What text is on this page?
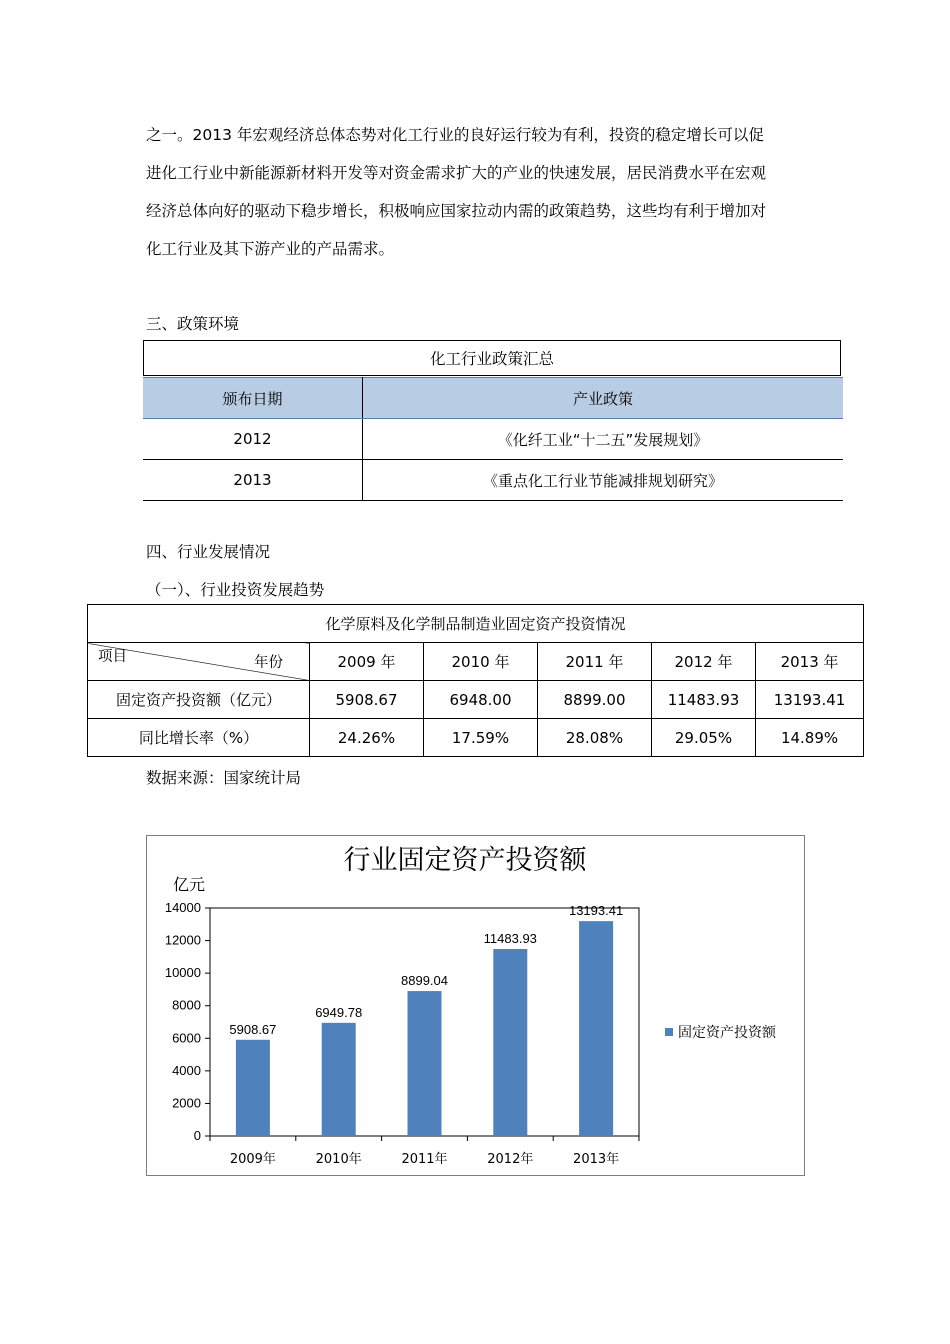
之一。2013 年宏观经济总体态势对化工行业的良好运行较为有利，投资的稳定增长可以促
进化工行业中新能源新材料开发等对资金需求扩大的产业的快速发展，居民消费水平在宏观
经济总体向好的驱动下稳步增长，积极响应国家拉动内需的政策趋势，这些均有利于增加对
化工行业及其下游产业的产品需求。
三、政策环境
化工行业政策汇总
颁布日期	产业政策
2012	《化纤工业“十二五”发展规划》
2013	《重点化工行业节能减排规划研究》
四、行业发展情况
（一）、行业投资发展趋势
化学原料及化学制品制造业固定资产投资情况					

项目 年份	2009 年	2010 年	2011 年	2012 年	2013 年
固定资产投资额（亿元）	5908.67	6948.00	8899.00	11483.93	13193.41
同比增长率（%）	24.26%	17.59%	28.08%	29.05%	14.89%
数据来源：国家统计局
行业固定资产投资额
亿元
0
2000
4000
6000
8000
10000
12000
14000
5908.67
2009年
6949.78
2010年
8899.04
2011年
11483.93
2012年
13193.41
2013年
固定资产投资额
